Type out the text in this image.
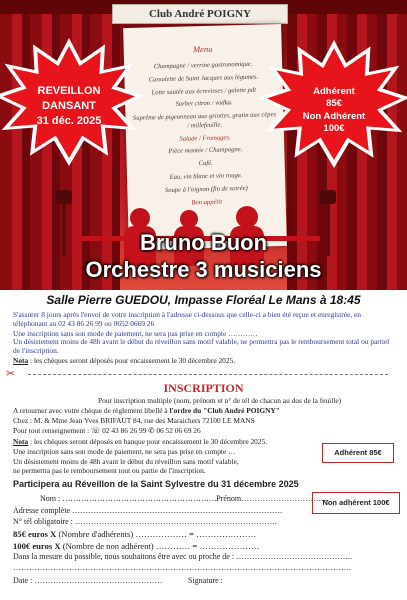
Club André POIGNY
Menu
Champagne / verrine gastronomique.
Cassolette de Saint Jacques aux légumes.
Lotte sautée aux écrevisses / galette pdt
Sorbet citron / vodka.
Suprême de pigeonneau aux griottes, gratin aux cèpes / millefeuille.
Salade / Fromages.
Pièce montée / Champagne.
Café.
Eau, vin blanc et vin rouge.
Soupe à l'oignon (fin de soirée)
Bon appétit
REVEILLON
DANSANT
31 déc. 2025
Adhérent
85€
Non Adhérent
100€
Bruno Buon
Orchestre 3 musiciens
Salle Pierre GUEDOU, Impasse Floréal Le Mans à 18:45
S'assurer 8 jours après l'envoi de votre inscription à l'adresse ci-dessous que celle-ci a bien été reçue et enregistrée, en téléphonant au 02 43 86 26 99 ou 0652 0669 26
Une inscription sans son mode de paiement, ne sera pas prise en compte …………
Un désistement moins de 48h avant le début du réveillon sans motif valable, ne permettra pas le remboursement total ou partiel de l'inscription.
Nota : les chèques seront déposés pour encaissement le 30 décembre 2025.
✂
INSCRIPTION
Pour inscription multiple (nom, prénom et n° de tél de chacun au dos de la feuille)
A retourner avec votre chèque de règlement libellé à l'ordre du "Club André POIGNY"
Chez : M. & Mme Jean Yves BRIFAUT 84, rue des Maraichers 72100 LE MANS
Pour tout renseignement : ☏ 02 43 86 26 99 ✆ 06 52 06 69 26
Nota : les chèques seront déposés en banque pour encaissement le 30 décembre 2025.
Une inscription sans son mode de paiement, ne sera pas prise en compte …
Un désistement moins de 48h avant le début du réveillon sans motif valable,
ne permettra pas le remboursement tout ou partie de l'inscription.
Adhérent 85€
Non adhérent 100€
Participera au Réveillon de la Saint Sylvestre du 31 décembre 2025
Nom : ………………………………………………….Prénom……………………………
Adresse complète …………………………………………………………………….
N° tél obligatoire : ………………………………………………………………….
85€ euros X (Nombre d'adhérents) ……………… = …………………
100€ euros X (Nombre de non adhérent) ………… = …………………
Dans la mesure du possible, nous souhaitons être avec ou proche de : ……………………………………..
……………………………………………………………………………………………………………….
Date : …………………………………………	Signature :
